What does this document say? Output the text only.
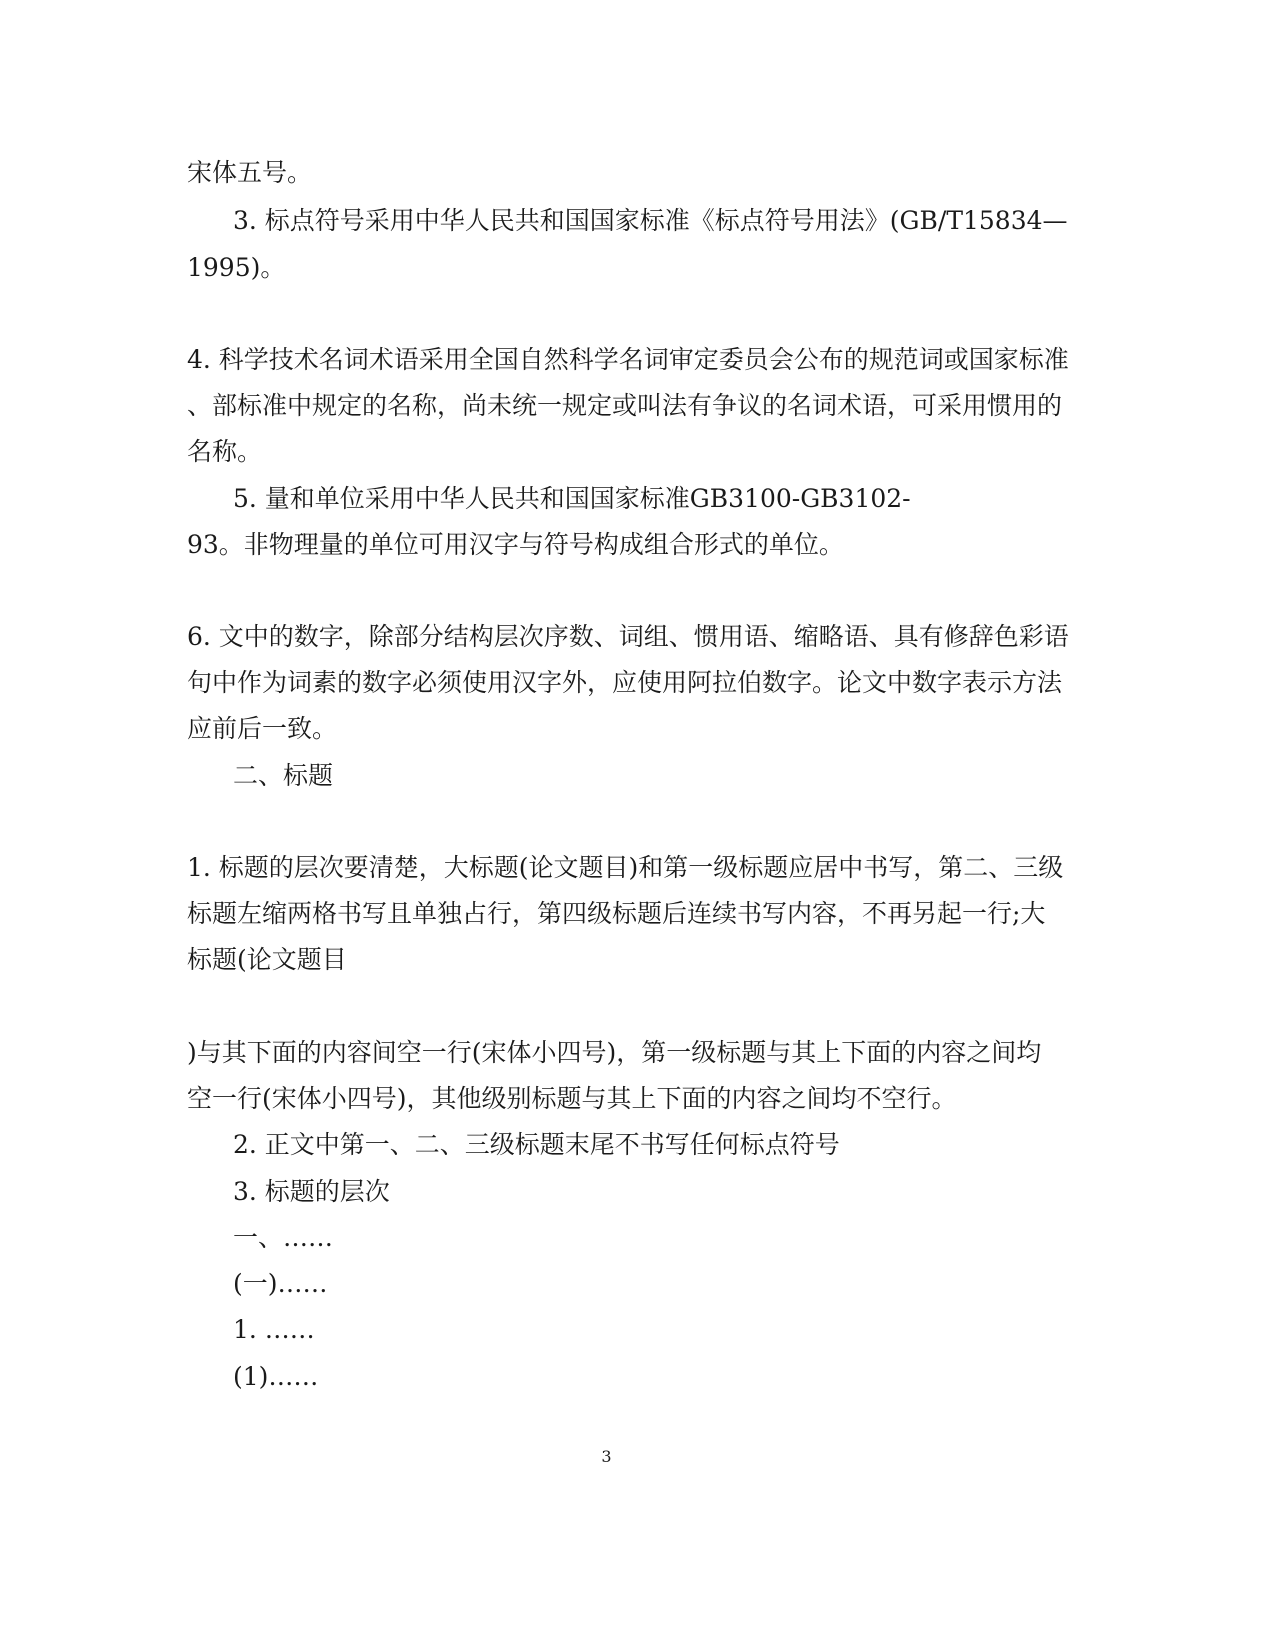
宋体五号。
3. 标点符号采用中华人民共和国国家标准《标点符号用法》(GB/T15834—
1995)。
4. 科学技术名词术语采用全国自然科学名词审定委员会公布的规范词或国家标准
、部标准中规定的名称，尚未统一规定或叫法有争议的名词术语，可采用惯用的
名称。
5. 量和单位采用中华人民共和国国家标准GB3100-GB3102-
93。非物理量的单位可用汉字与符号构成组合形式的单位。
6. 文中的数字，除部分结构层次序数、词组、惯用语、缩略语、具有修辞色彩语
句中作为词素的数字必须使用汉字外，应使用阿拉伯数字。论文中数字表示方法
应前后一致。
二、标题
1. 标题的层次要清楚，大标题(论文题目)和第一级标题应居中书写，第二、三级
标题左缩两格书写且单独占行，第四级标题后连续书写内容，不再另起一行;大
标题(论文题目
)与其下面的内容间空一行(宋体小四号)，第一级标题与其上下面的内容之间均
空一行(宋体小四号)，其他级别标题与其上下面的内容之间均不空行。
2. 正文中第一、二、三级标题末尾不书写任何标点符号
3. 标题的层次
一、……
(一)……
1. ……
(1)……
3
